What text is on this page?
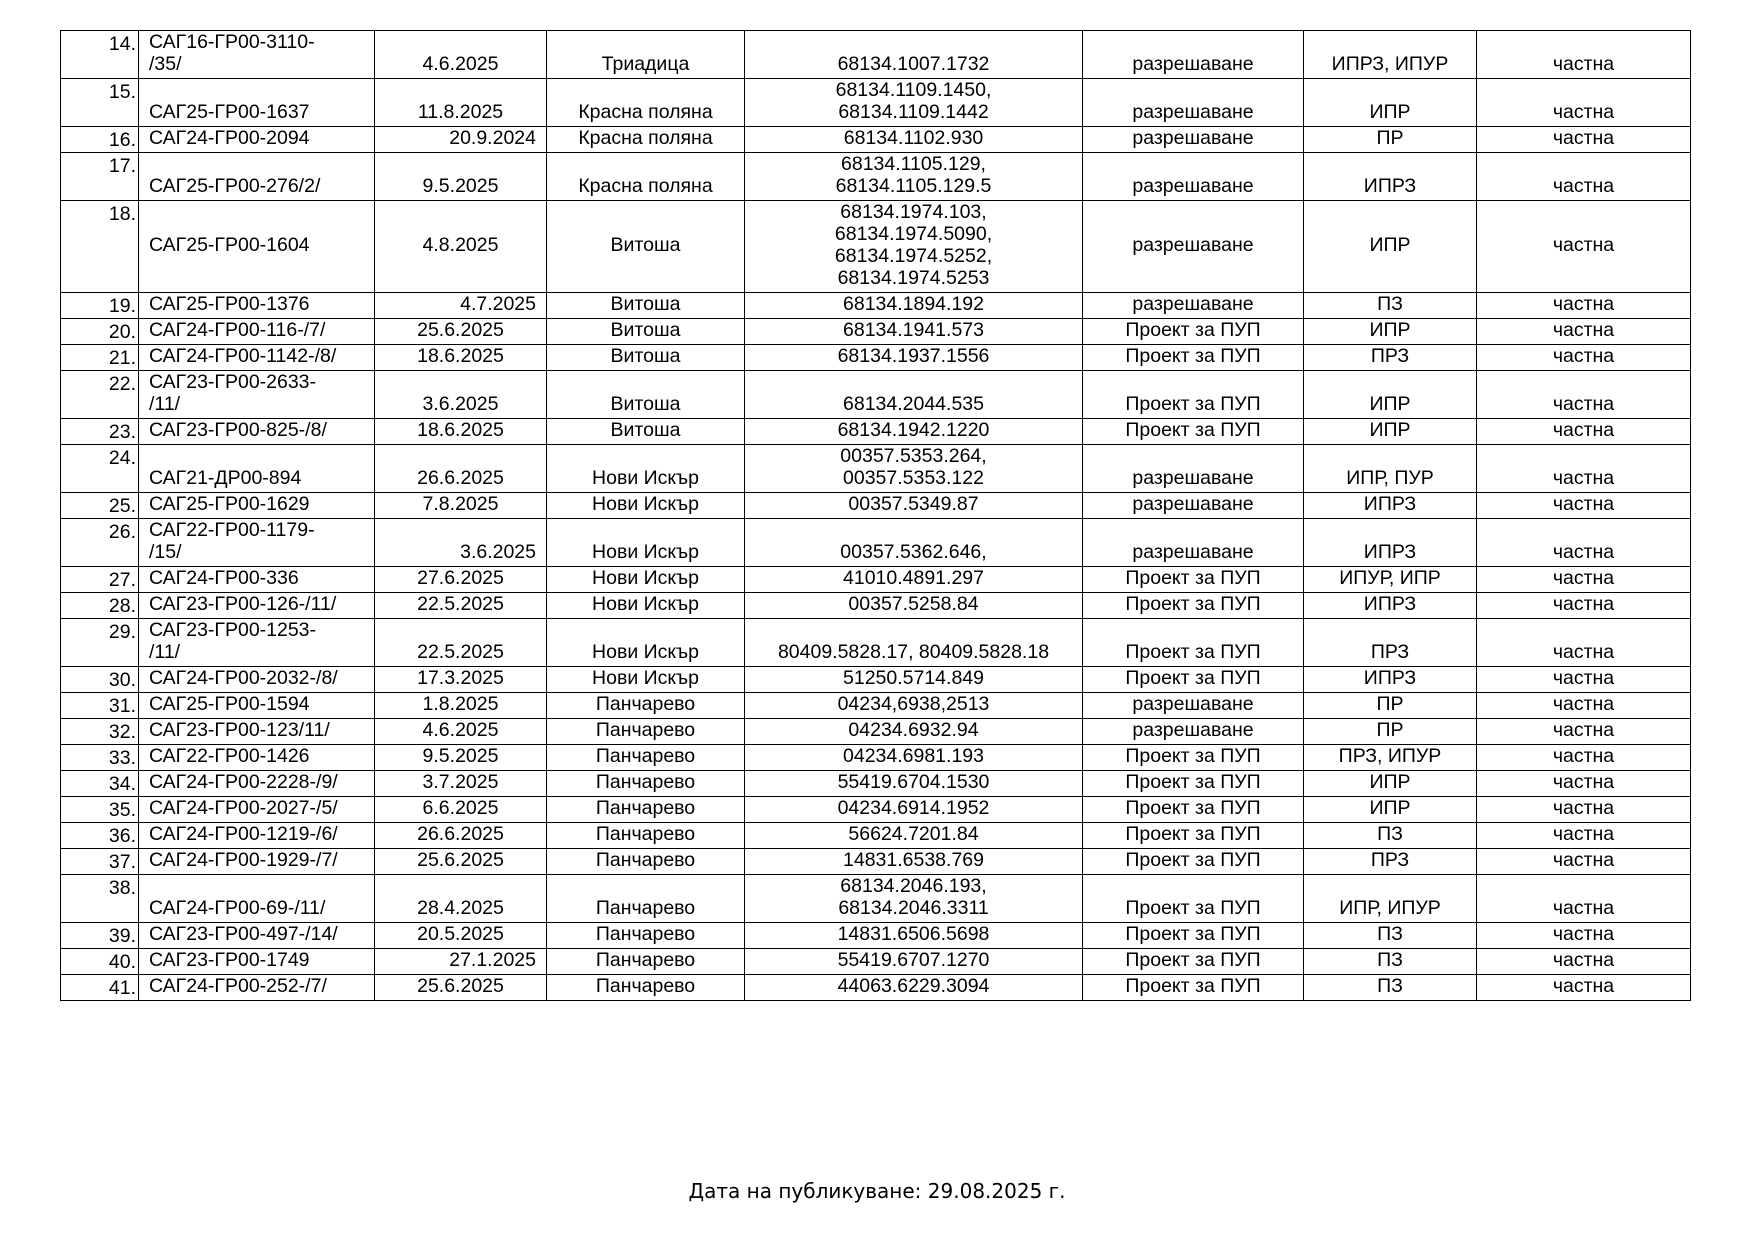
14.	САГ16-ГР00-3110-
/35/	4.6.2025	Триадица	68134.1007.1732	разрешаване	ИПРЗ, ИПУР	частна
15.	САГ25-ГР00-1637	11.8.2025	Красна поляна	68134.1109.1450,
68134.1109.1442	разрешаване	ИПР	частна
16.	САГ24-ГР00-2094	20.9.2024	Красна поляна	68134.1102.930	разрешаване	ПР	частна
17.	САГ25-ГР00-276/2/	9.5.2025	Красна поляна	68134.1105.129,
68134.1105.129.5	разрешаване	ИПРЗ	частна
18.	САГ25-ГР00-1604	4.8.2025	Витоша	68134.1974.103,
68134.1974.5090,
68134.1974.5252,
68134.1974.5253	разрешаване	ИПР	частна
19.	САГ25-ГР00-1376	4.7.2025	Витоша	68134.1894.192	разрешаване	ПЗ	частна
20.	САГ24-ГР00-116-/7/	25.6.2025	Витоша	68134.1941.573	Проект за ПУП	ИПР	частна
21.	САГ24-ГР00-1142-/8/	18.6.2025	Витоша	68134.1937.1556	Проект за ПУП	ПРЗ	частна
22.	САГ23-ГР00-2633-
/11/	3.6.2025	Витоша	68134.2044.535	Проект за ПУП	ИПР	частна
23.	САГ23-ГР00-825-/8/	18.6.2025	Витоша	68134.1942.1220	Проект за ПУП	ИПР	частна
24.	САГ21-ДР00-894	26.6.2025	Нови Искър	00357.5353.264,
00357.5353.122	разрешаване	ИПР, ПУР	частна
25.	САГ25-ГР00-1629	7.8.2025	Нови Искър	00357.5349.87	разрешаване	ИПРЗ	частна
26.	САГ22-ГР00-1179-
/15/	3.6.2025	Нови Искър	00357.5362.646,	разрешаване	ИПРЗ	частна
27.	САГ24-ГР00-336	27.6.2025	Нови Искър	41010.4891.297	Проект за ПУП	ИПУР, ИПР	частна
28.	САГ23-ГР00-126-/11/	22.5.2025	Нови Искър	00357.5258.84	Проект за ПУП	ИПРЗ	частна
29.	САГ23-ГР00-1253-
/11/	22.5.2025	Нови Искър	80409.5828.17, 80409.5828.18	Проект за ПУП	ПРЗ	частна
30.	САГ24-ГР00-2032-/8/	17.3.2025	Нови Искър	51250.5714.849	Проект за ПУП	ИПРЗ	частна
31.	САГ25-ГР00-1594	1.8.2025	Панчарево	04234,6938,2513	разрешаване	ПР	частна
32.	САГ23-ГР00-123/11/	4.6.2025	Панчарево	04234.6932.94	разрешаване	ПР	частна
33.	САГ22-ГР00-1426	9.5.2025	Панчарево	04234.6981.193	Проект за ПУП	ПРЗ, ИПУР	частна
34.	САГ24-ГР00-2228-/9/	3.7.2025	Панчарево	55419.6704.1530	Проект за ПУП	ИПР	частна
35.	САГ24-ГР00-2027-/5/	6.6.2025	Панчарево	04234.6914.1952	Проект за ПУП	ИПР	частна
36.	САГ24-ГР00-1219-/6/	26.6.2025	Панчарево	56624.7201.84	Проект за ПУП	ПЗ	частна
37.	САГ24-ГР00-1929-/7/	25.6.2025	Панчарево	14831.6538.769	Проект за ПУП	ПРЗ	частна
38.	САГ24-ГР00-69-/11/	28.4.2025	Панчарево	68134.2046.193,
68134.2046.3311	Проект за ПУП	ИПР, ИПУР	частна
39.	САГ23-ГР00-497-/14/	20.5.2025	Панчарево	14831.6506.5698	Проект за ПУП	ПЗ	частна
40.	САГ23-ГР00-1749	27.1.2025	Панчарево	55419.6707.1270	Проект за ПУП	ПЗ	частна
41.	САГ24-ГР00-252-/7/	25.6.2025	Панчарево	44063.6229.3094	Проект за ПУП	ПЗ	частна
Дата на публикуване: 29.08.2025 г.
